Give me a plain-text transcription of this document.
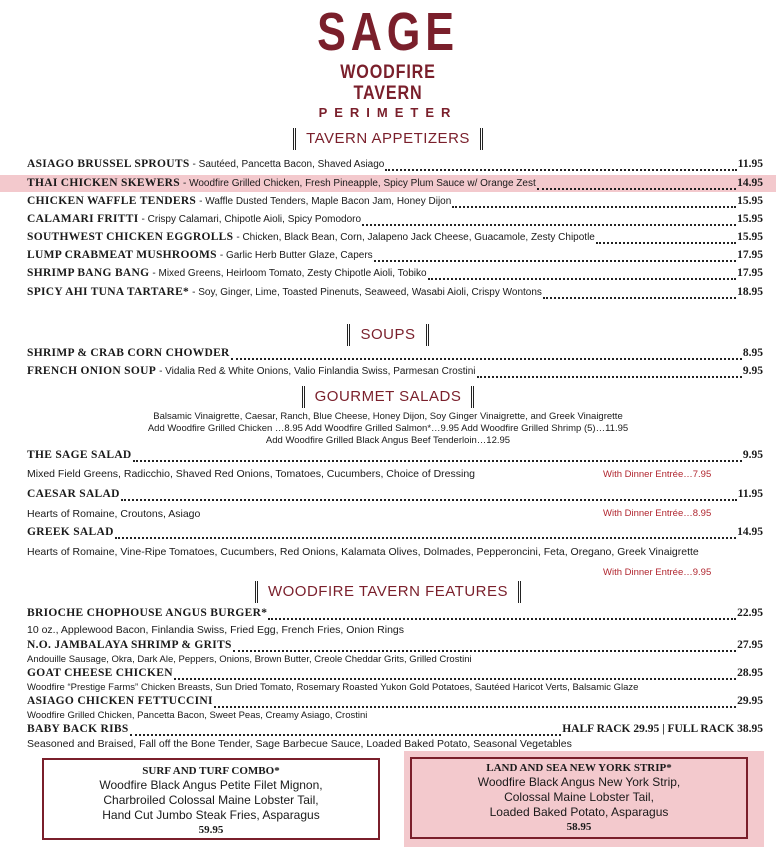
SAGE
WOODFIRE
TAVERN
PERIMETER
TAVERN APPETIZERS
ASIAGO BRUSSEL SPROUTS - Sautéed, Pancetta Bacon, Shaved Asiago	11.95
THAI CHICKEN SKEWERS - Woodfire Grilled Chicken, Fresh Pineapple, Spicy Plum Sauce w/ Orange Zest	14.95
CHICKEN WAFFLE TENDERS - Waffle Dusted Tenders, Maple Bacon Jam, Honey Dijon	15.95
CALAMARI FRITTI - Crispy Calamari, Chipotle Aioli, Spicy Pomodoro	15.95
SOUTHWEST CHICKEN EGGROLLS - Chicken, Black Bean, Corn, Jalapeno Jack Cheese, Guacamole, Zesty Chipotle	15.95
LUMP CRABMEAT MUSHROOMS - Garlic Herb Butter Glaze, Capers	17.95
SHRIMP BANG BANG - Mixed Greens, Heirloom Tomato, Zesty Chipotle Aioli, Tobiko	17.95
SPICY AHI TUNA TARTARE* - Soy, Ginger, Lime, Toasted Pinenuts, Seaweed, Wasabi Aioli, Crispy Wontons	18.95
SOUPS
SHRIMP & CRAB CORN CHOWDER	8.95
FRENCH ONION SOUP - Vidalia Red & White Onions, Valio Finlandia Swiss, Parmesan Crostini	9.95
GOURMET SALADS
Balsamic Vinaigrette, Caesar, Ranch, Blue Cheese, Honey Dijon, Soy Ginger Vinaigrette, and Greek Vinaigrette
Add Woodfire Grilled Chicken …8.95 Add Woodfire Grilled Salmon*…9.95 Add Woodfire Grilled Shrimp (5)…11.95
Add Woodfire Grilled Black Angus Beef Tenderloin…12.95
THE SAGE SALAD	9.95
Mixed Field Greens, Radicchio, Shaved Red Onions, Tomatoes, Cucumbers, Choice of Dressing	With Dinner Entrée…7.95
CAESAR SALAD	11.95
Hearts of Romaine, Croutons, Asiago	With Dinner Entrée…8.95
GREEK SALAD	14.95
Hearts of Romaine, Vine-Ripe Tomatoes, Cucumbers, Red Onions, Kalamata Olives, Dolmades, Pepperoncini, Feta, Oregano, Greek Vinaigrette
With Dinner Entrée…9.95
WOODFIRE TAVERN FEATURES
BRIOCHE CHOPHOUSE ANGUS BURGER*	22.95
10 oz., Applewood Bacon, Finlandia Swiss, Fried Egg, French Fries, Onion Rings
N.O. JAMBALAYA SHRIMP & GRITS	27.95
Andouille Sausage, Okra, Dark Ale, Peppers, Onions, Brown Butter, Creole Cheddar Grits, Grilled Crostini
GOAT CHEESE CHICKEN	28.95
Woodfire “Prestige Farms” Chicken Breasts, Sun Dried Tomato, Rosemary Roasted Yukon Gold Potatoes, Sautéed Haricot Verts, Balsamic Glaze
ASIAGO CHICKEN FETTUCCINI	29.95
Woodfire Grilled Chicken, Pancetta Bacon, Sweet Peas, Creamy Asiago, Crostini
BABY BACK RIBS	HALF RACK 29.95 | FULL RACK 38.95
Seasoned and Braised, Fall off the Bone Tender, Sage Barbecue Sauce, Loaded Baked Potato, Seasonal Vegetables
SURF AND TURF COMBO*
Woodfire Black Angus Petite Filet Mignon,
Charbroiled Colossal Maine Lobster Tail,
Hand Cut Jumbo Steak Fries, Asparagus
59.95
LAND AND SEA NEW YORK STRIP*
Woodfire Black Angus New York Strip,
Colossal Maine Lobster Tail,
Loaded Baked Potato, Asparagus
58.95
